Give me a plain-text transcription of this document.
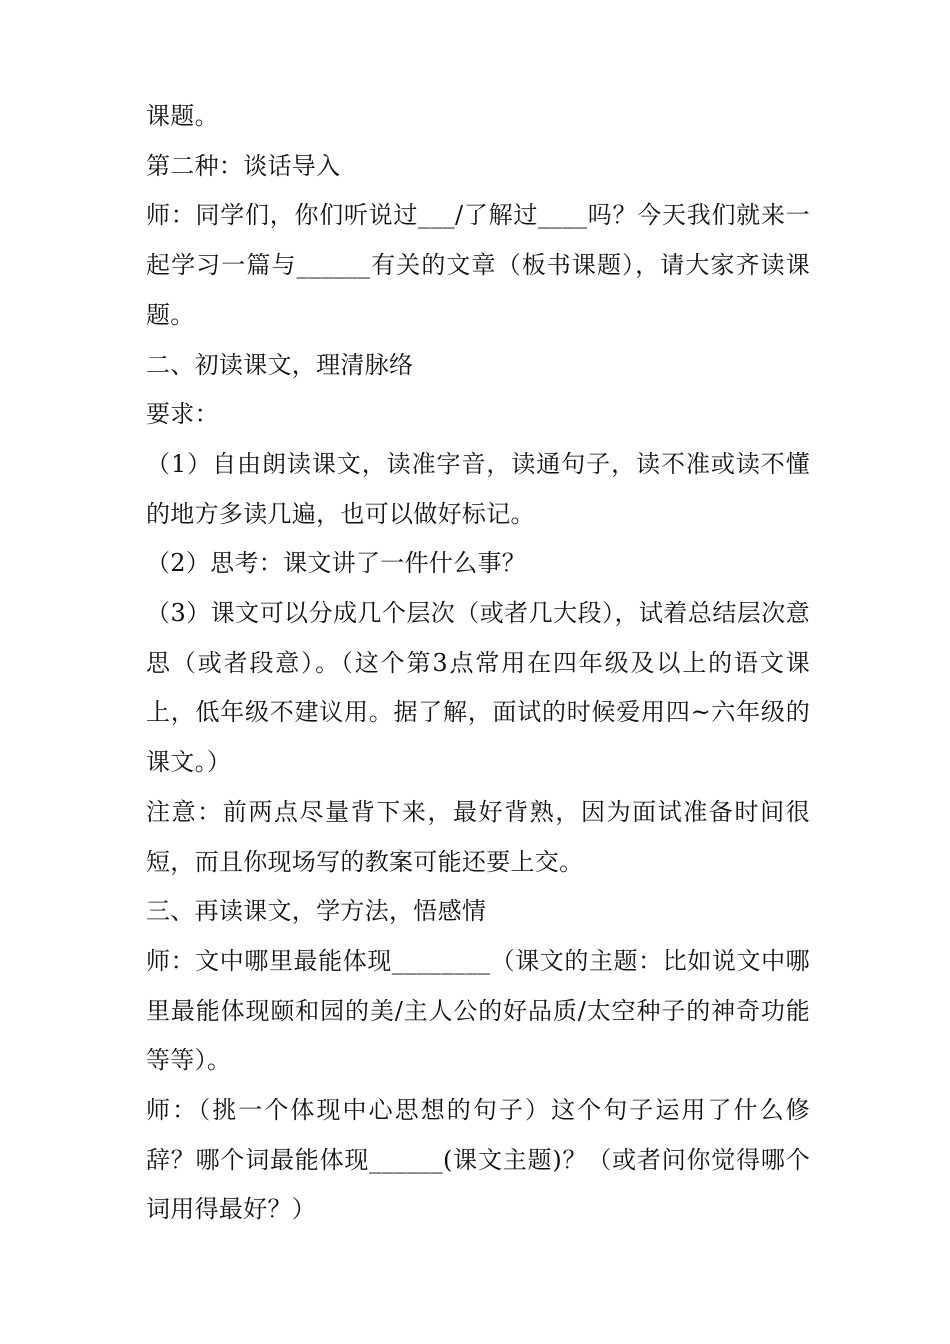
课题。

第二种：谈话导入

师：同学们，你们听说过___/了解过____吗？今天我们就来一起学习一篇与______有关的文章（板书课题），请大家齐读课题。

二、初读课文，理清脉络

要求：

（1）自由朗读课文，读准字音，读通句子，读不准或读不懂的地方多读几遍，也可以做好标记。

（2）思考：课文讲了一件什么事？

（3）课文可以分成几个层次（或者几大段），试着总结层次意思（或者段意）。（这个第3点常用在四年级及以上的语文课上，低年级不建议用。据了解，面试的时候爱用四~六年级的课文。）

注意：前两点尽量背下来，最好背熟，因为面试准备时间很短，而且你现场写的教案可能还要上交。

三、再读课文，学方法，悟感情

师：文中哪里最能体现________（课文的主题：比如说文中哪里最能体现颐和园的美/主人公的好品质/太空种子的神奇功能等等）。

师：（挑一个体现中心思想的句子）这个句子运用了什么修辞？哪个词最能体现______(课文主题)？（或者问你觉得哪个词用得最好？）
